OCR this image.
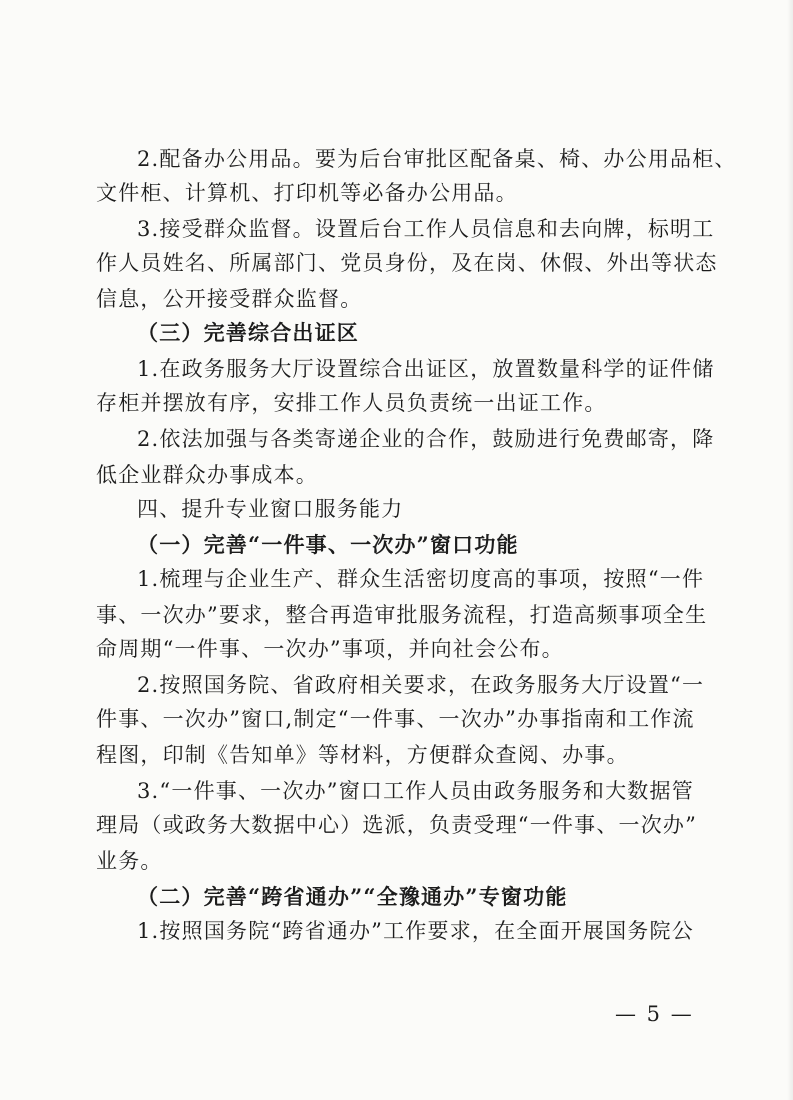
2.配备办公用品。要为后台审批区配备桌、椅、办公用品柜、
文件柜、计算机、打印机等必备办公用品。
3.接受群众监督。设置后台工作人员信息和去向牌，标明工
作人员姓名、所属部门、党员身份，及在岗、休假、外出等状态
信息，公开接受群众监督。
（三）完善综合出证区
1.在政务服务大厅设置综合出证区，放置数量科学的证件储
存柜并摆放有序，安排工作人员负责统一出证工作。
2.依法加强与各类寄递企业的合作，鼓励进行免费邮寄，降
低企业群众办事成本。
四、提升专业窗口服务能力
（一）完善“一件事、一次办”窗口功能
1.梳理与企业生产、群众生活密切度高的事项，按照“一件
事、一次办”要求，整合再造审批服务流程，打造高频事项全生
命周期“一件事、一次办”事项，并向社会公布。
2.按照国务院、省政府相关要求，在政务服务大厅设置“一
件事、一次办”窗口,制定“一件事、一次办”办事指南和工作流
程图，印制《告知单》等材料，方便群众查阅、办事。
3.“一件事、一次办”窗口工作人员由政务服务和大数据管
理局（或政务大数据中心）选派，负责受理“一件事、一次办”
业务。
（二）完善“跨省通办”“全豫通办”专窗功能
1.按照国务院“跨省通办”工作要求，在全面开展国务院公
— 5 —
